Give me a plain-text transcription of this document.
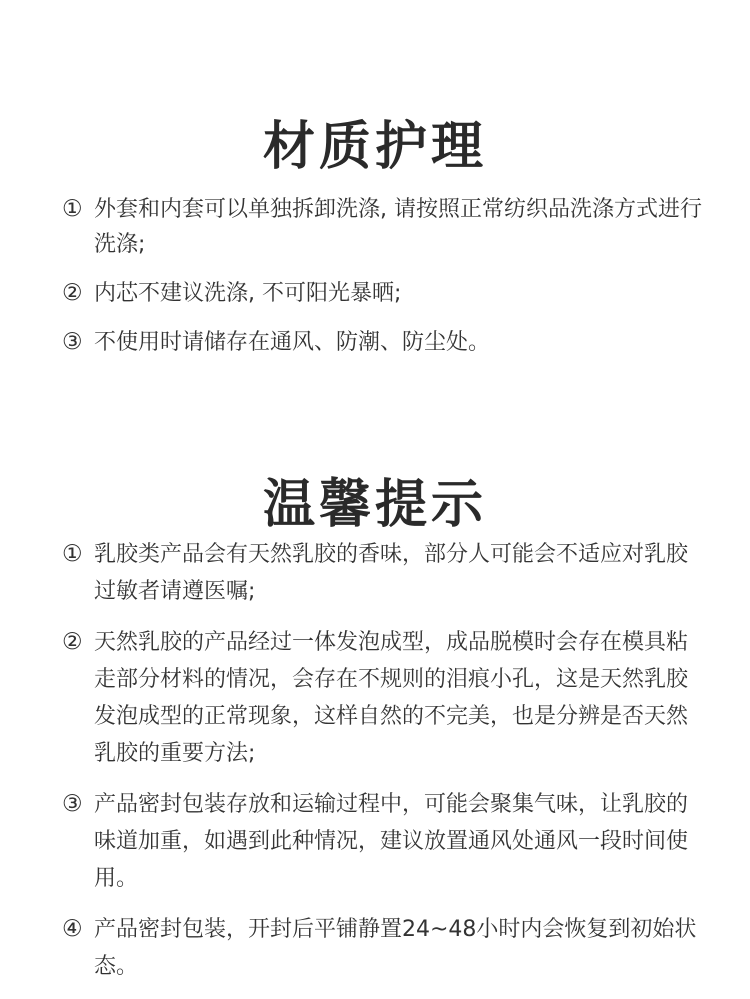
材质护理
① 外套和内套可以单独拆卸洗涤, 请按照正常纺织品洗涤方式进行洗涤;
② 内芯不建议洗涤, 不可阳光暴晒;
③ 不使用时请储存在通风、防潮、防尘处。
温馨提示
① 乳胶类产品会有天然乳胶的香味，部分人可能会不适应对乳胶过敏者请遵医嘱;
② 天然乳胶的产品经过一体发泡成型，成品脱模时会存在模具粘走部分材料的情况，会存在不规则的泪痕小孔，这是天然乳胶发泡成型的正常现象，这样自然的不完美，也是分辨是否天然乳胶的重要方法;
③ 产品密封包装存放和运输过程中，可能会聚集气味，让乳胶的味道加重，如遇到此种情况，建议放置通风处通风一段时间使用。
④ 产品密封包装，开封后平铺静置24~48小时内会恢复到初始状态。
